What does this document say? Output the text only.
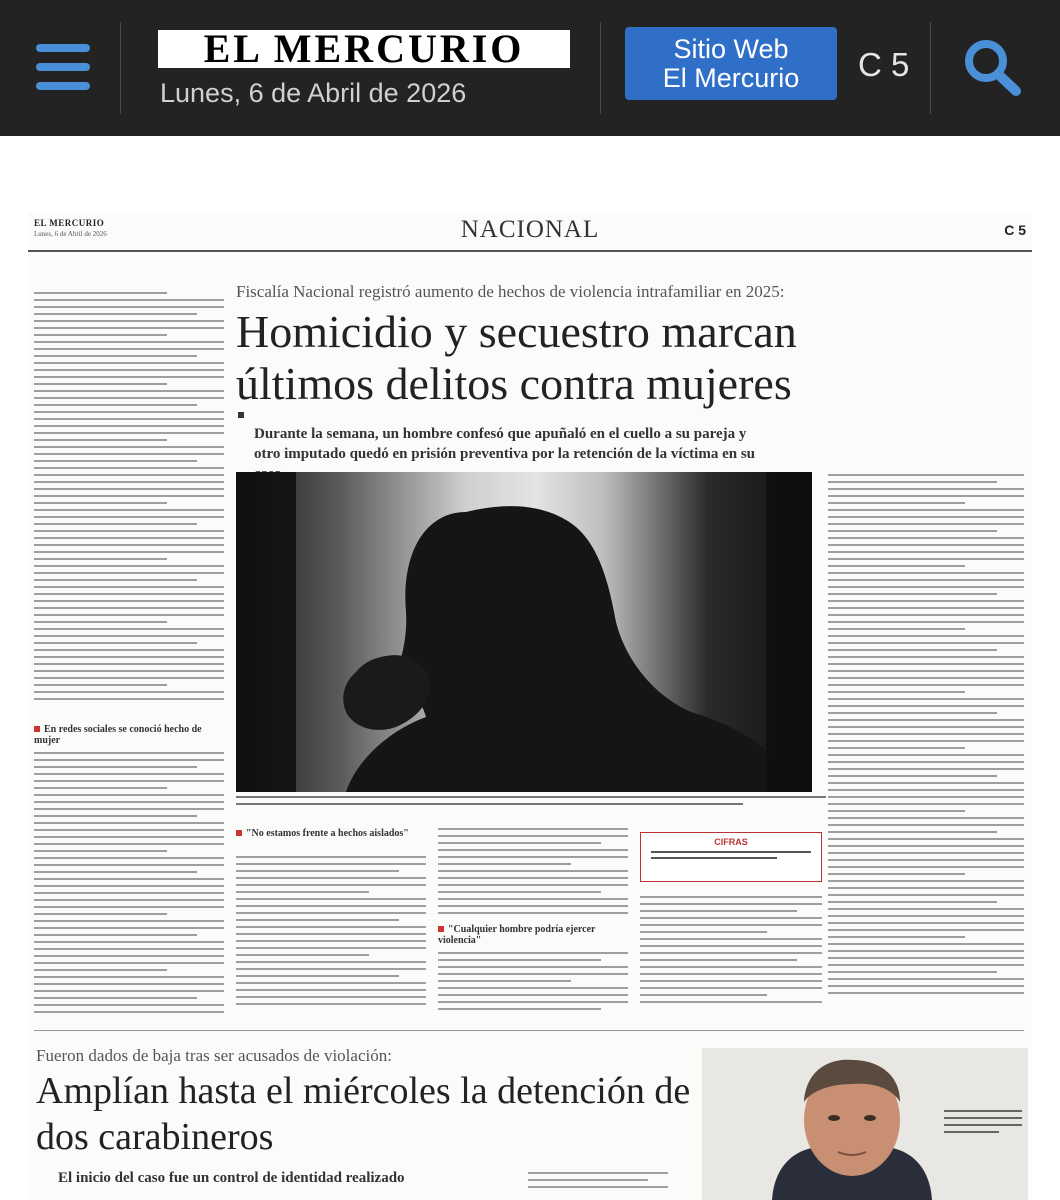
EL MERCURIO
Lunes, 6 de Abril de 2026
Sitio Web
El Mercurio	C 5
EL MERCURIO
Lunes, 6 de Abril de 2026	NACIONAL	C 5
En redes sociales se conoció hecho de mujer
Fiscalía Nacional registró aumento de hechos de violencia intrafamiliar en 2025:
Homicidio y secuestro marcan últimos delitos contra mujeres
Durante la semana, un hombre confesó que apuñaló en el cuello a su pareja y otro imputado quedó en prisión preventiva por la retención de la víctima en su
"No estamos frente a hechos aislados"
"Cualquier hombre podría ejercer violencia"
CIFRAS
Fueron dados de baja tras ser acusados de violación:
Amplían hasta el miércoles la detención de dos carabineros
El inicio del caso fue un control de identidad realizado
